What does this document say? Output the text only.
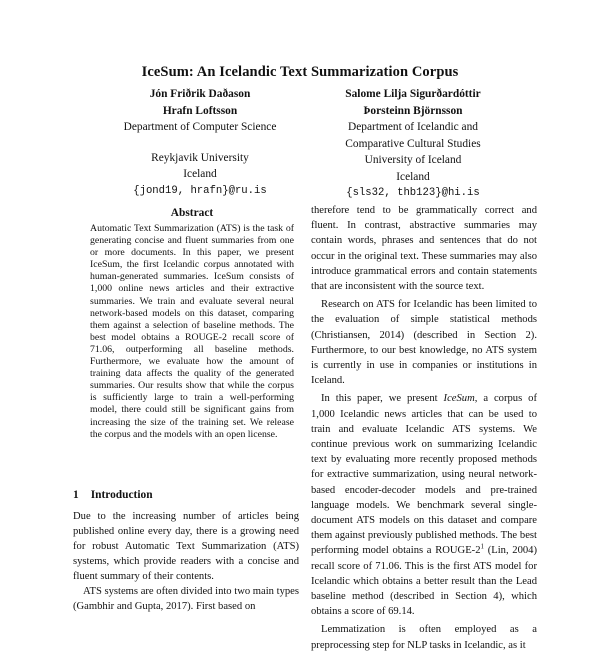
IceSum: An Icelandic Text Summarization Corpus
Jón Friðrik Daðason
Hrafn Loftsson
Department of Computer Science
Reykjavik University
Iceland
{jond19, hrafn}@ru.is
Salome Lilja Sigurðardóttir
Þorsteinn Björnsson
Department of Icelandic and
Comparative Cultural Studies
University of Iceland
Iceland
{sls32, thb123}@hi.is
Abstract
Automatic Text Summarization (ATS) is the task of generating concise and fluent summaries from one or more documents. In this paper, we present IceSum, the first Icelandic corpus annotated with human-generated summaries. IceSum consists of 1,000 online news articles and their extractive summaries. We train and evaluate several neural network-based models on this dataset, comparing them against a selection of baseline methods. The best model obtains a ROUGE-2 recall score of 71.06, outperforming all baseline methods. Furthermore, we evaluate how the amount of training data affects the quality of the generated summaries. Our results show that while the corpus is sufficiently large to train a well-performing model, there could still be significant gains from increasing the size of the training set. We release the corpus and the models with an open license.
1 Introduction

Due to the increasing number of articles being published online every day, there is a growing need for robust Automatic Text Summarization (ATS) systems, which provide readers with a concise and fluent summary of their contents.

ATS systems are often divided into two main types (Gambhir and Gupta, 2017). First based on

therefore tend to be grammatically correct and fluent. In contrast, abstractive summaries may contain words, phrases and sentences that do not occur in the original text. These summaries may also introduce grammatical errors and contain statements that are inconsistent with the source text.

Research on ATS for Icelandic has been limited to the evaluation of simple statistical methods (Christiansen, 2014) (described in Section 2). Furthermore, to our best knowledge, no ATS system is currently in use in companies or institutions in Iceland.

In this paper, we present IceSum, a corpus of 1,000 Icelandic news articles that can be used to train and evaluate Icelandic ATS systems. We continue previous work on summarizing Icelandic text by evaluating more recently proposed methods for extractive summarization, using neural network-based encoder-decoder models and pre-trained language models. We benchmark several single-document ATS models on this dataset and compare them against previously published methods. The best performing model obtains a ROUGE-$2^1$ (Lin, 2004) recall score of 71.06. This is the first ATS model for Icelandic which obtains a better result than the Lead baseline method (described in Section 4), which obtains a score of 69.14.

Lemmatization is often employed as a preprocessing step for NLP tasks in Icelandic, as it
